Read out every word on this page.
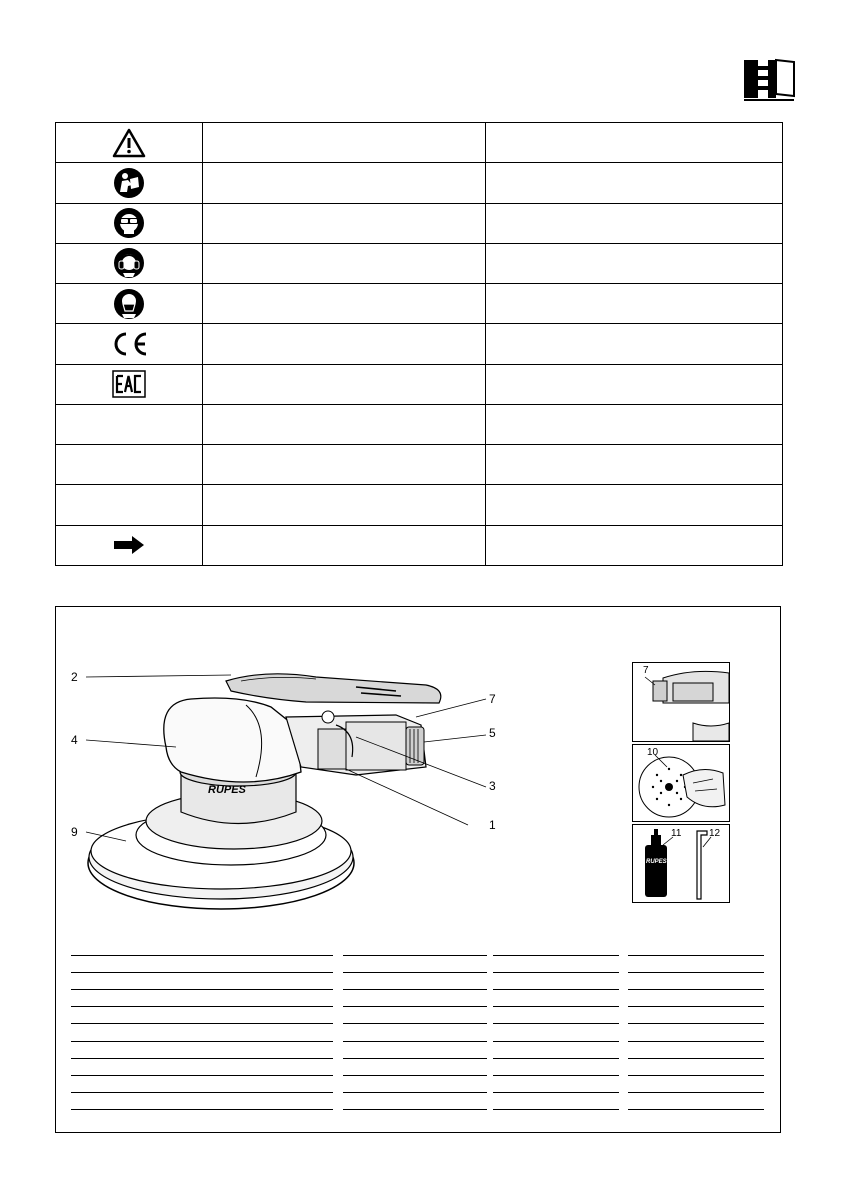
RUPES
2
4
9
7
5
3
1
7
10
RUPES
11	12
